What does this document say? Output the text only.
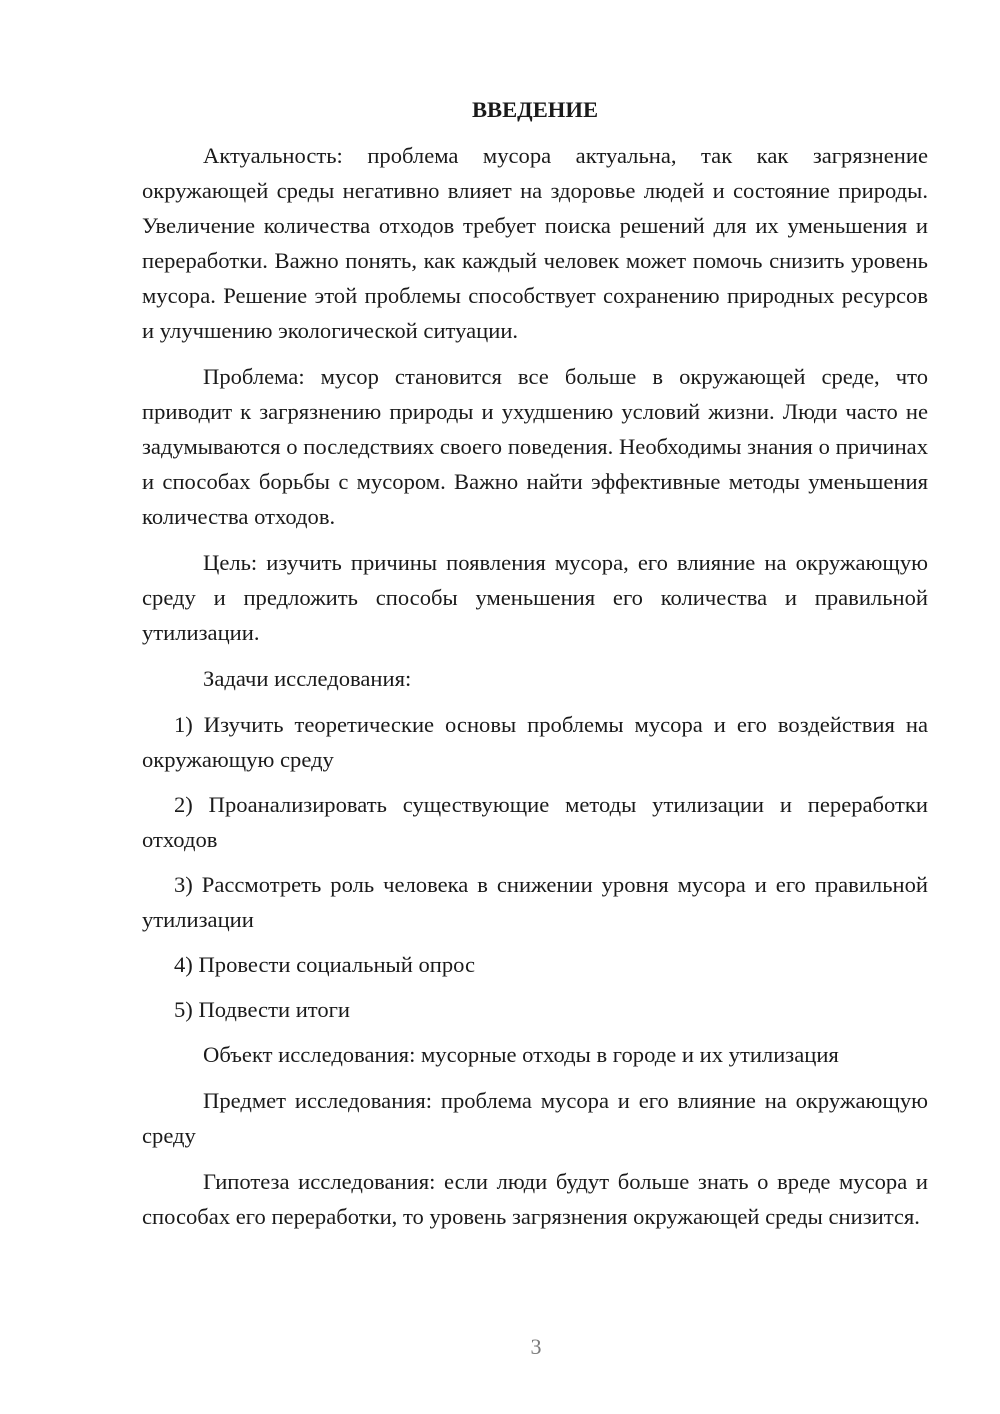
ВВЕДЕНИЕ

Актуальность: проблема мусора актуальна, так как загрязнение окружающей среды негативно влияет на здоровье людей и состояние природы. Увеличение количества отходов требует поиска решений для их уменьшения и переработки. Важно понять, как каждый человек может помочь снизить уровень мусора. Решение этой проблемы способствует сохранению природных ресурсов и улучшению экологической ситуации.

Проблема: мусор становится все больше в окружающей среде, что приводит к загрязнению природы и ухудшению условий жизни. Люди часто не задумываются о последствиях своего поведения. Необходимы знания о причинах и способах борьбы с мусором. Важно найти эффективные методы уменьшения количества отходов.

Цель: изучить причины появления мусора, его влияние на окружающую среду и предложить способы уменьшения его количества и правильной утилизации.

Задачи исследования:

1) Изучить теоретические основы проблемы мусора и его воздействия на окружающую среду

2) Проанализировать существующие методы утилизации и переработки отходов

3) Рассмотреть роль человека в снижении уровня мусора и его правильной утилизации

4) Провести социальный опрос

5) Подвести итоги

Объект исследования: мусорные отходы в городе и их утилизация

Предмет исследования: проблема мусора и его влияние на окружающую среду

Гипотеза исследования: если люди будут больше знать о вреде мусора и способах его переработки, то уровень загрязнения окружающей среды снизится.

3
